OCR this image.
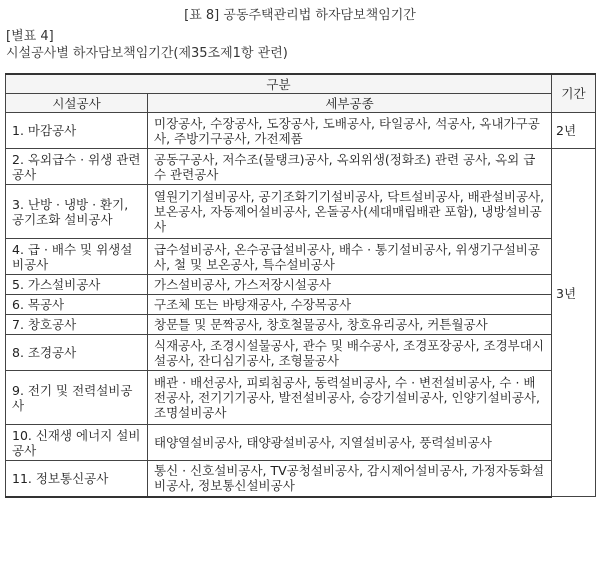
[표 8] 공동주택관리법 하자담보책임기간
[별표 4]
시설공사별 하자담보책임기간(제35조제1항 관련)
구분		기간
시설공사	세부공종	
1. 마감공사	미장공사, 수장공사, 도장공사, 도배공사, 타일공사, 석공사, 옥내가구공사, 주방기구공사, 가전제품	2년
2. 옥외급수 · 위생 관련 공사	공동구공사, 저수조(물탱크)공사, 옥외위생(정화조) 관련 공사, 옥외 급수 관련공사	3년
3. 난방 · 냉방 · 환기, 공기조화 설비공사	열원기기설비공사, 공기조화기기설비공사, 닥트설비공사, 배관설비공사, 보온공사, 자동제어설비공사, 온돌공사(세대매립배관 포함), 냉방설비공사	
4. 급 · 배수 및 위생설비공사	급수설비공사, 온수공급설비공사, 배수 · 통기설비공사, 위생기구설비공사, 철 및 보온공사, 특수설비공사	
5. 가스설비공사	가스설비공사, 가스저장시설공사	
6. 목공사	구조체 또는 바탕재공사, 수장목공사	
7. 창호공사	창문틀 및 문짝공사, 창호철물공사, 창호유리공사, 커튼월공사	
8. 조경공사	식재공사, 조경시설물공사, 관수 및 배수공사, 조경포장공사, 조경부대시설공사, 잔디심기공사, 조형물공사	
9. 전기 및 전력설비공사	배관 · 배선공사, 피뢰침공사, 동력설비공사, 수 · 변전설비공사, 수 · 배전공사, 전기기기공사, 발전설비공사, 승강기설비공사, 인양기설비공사, 조명설비공사	
10. 신재생 에너지 설비공사	태양열설비공사, 태양광설비공사, 지열설비공사, 풍력설비공사	
11. 정보통신공사	통신 · 신호설비공사, TV공청설비공사, 감시제어설비공사, 가정자동화설비공사, 정보통신설비공사	
